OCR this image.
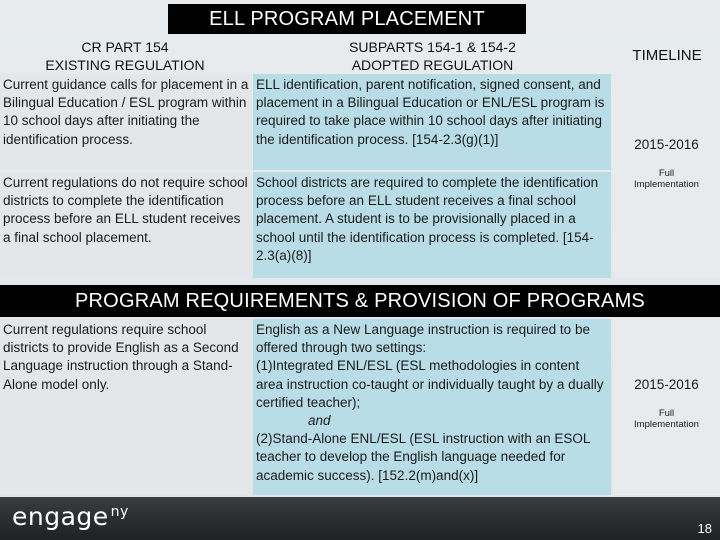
ELL PROGRAM PLACEMENT
CR PART 154
EXISTING REGULATION
SUBPARTS 154-1 & 154-2
ADOPTED REGULATION
TIMELINE
Current guidance calls for placement in a Bilingual Education / ESL program within 10 school days after initiating the identification process.
ELL identification, parent notification, signed consent, and placement in a Bilingual Education or ENL/ESL program is required to take place within 10 school days after initiating the identification process. [154-2.3(g)(1)]
Current regulations do not require school districts to complete the identification process before an ELL student receives a final school placement.
School districts are required to complete the identification process before an ELL student receives a final school placement. A student is to be provisionally placed in a school until the identification process is completed. [154-2.3(a)(8)]
2015-2016
Full
Implementation
PROGRAM REQUIREMENTS & PROVISION OF PROGRAMS
Current regulations require school districts to provide English as a Second Language instruction through a Stand-Alone model only.
English as a New Language instruction is required to be offered through two settings:
(1)Integrated ENL/ESL (ESL methodologies in content area instruction co-taught or individually taught by a dually certified teacher);
and
(2)Stand-Alone ENL/ESL (ESL instruction with an ESOL teacher to develop the English language needed for academic success). [152.2(m)and(x)]
2015-2016
Full
Implementation
engage $^{ny}$
18
